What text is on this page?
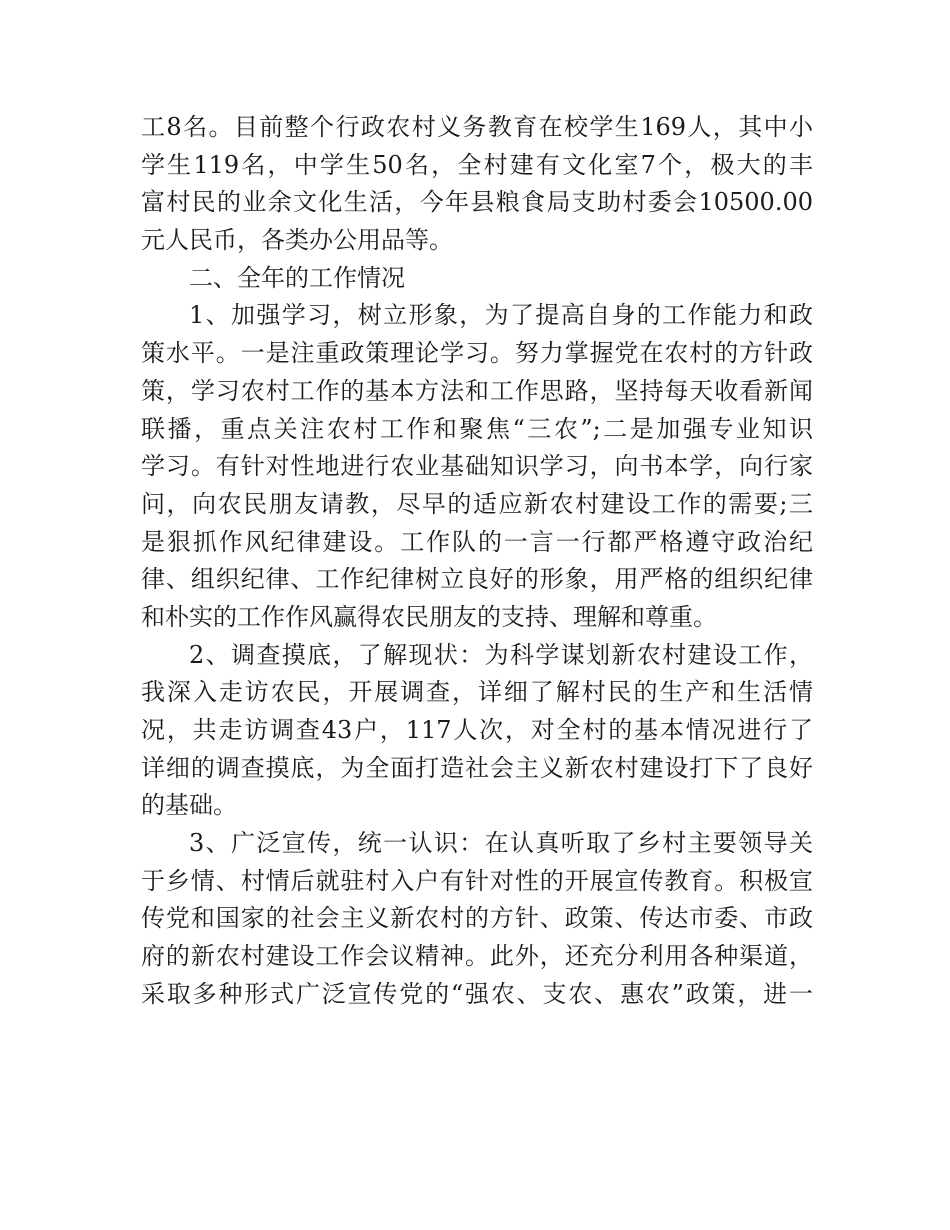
工8名。目前整个行政农村义务教育在校学生169人，其中小
学生119名，中学生50名，全村建有文化室7个，极大的丰
富村民的业余文化生活，今年县粮食局支助村委会10500.00
元人民币，各类办公用品等。
二、全年的工作情况
1、加强学习，树立形象，为了提高自身的工作能力和政
策水平。一是注重政策理论学习。努力掌握党在农村的方针政
策，学习农村工作的基本方法和工作思路，坚持每天收看新闻
联播，重点关注农村工作和聚焦“三农”;二是加强专业知识
学习。有针对性地进行农业基础知识学习，向书本学，向行家
问，向农民朋友请教，尽早的适应新农村建设工作的需要;三
是狠抓作风纪律建设。工作队的一言一行都严格遵守政治纪
律、组织纪律、工作纪律树立良好的形象，用严格的组织纪律
和朴实的工作作风赢得农民朋友的支持、理解和尊重。
2、调查摸底，了解现状：为科学谋划新农村建设工作，
我深入走访农民，开展调查，详细了解村民的生产和生活情
况，共走访调查43户，117人次，对全村的基本情况进行了
详细的调查摸底，为全面打造社会主义新农村建设打下了良好
的基础。
3、广泛宣传，统一认识：在认真听取了乡村主要领导关
于乡情、村情后就驻村入户有针对性的开展宣传教育。积极宣
传党和国家的社会主义新农村的方针、政策、传达市委、市政
府的新农村建设工作会议精神。此外，还充分利用各种渠道，
采取多种形式广泛宣传党的“强农、支农、惠农”政策，进一
